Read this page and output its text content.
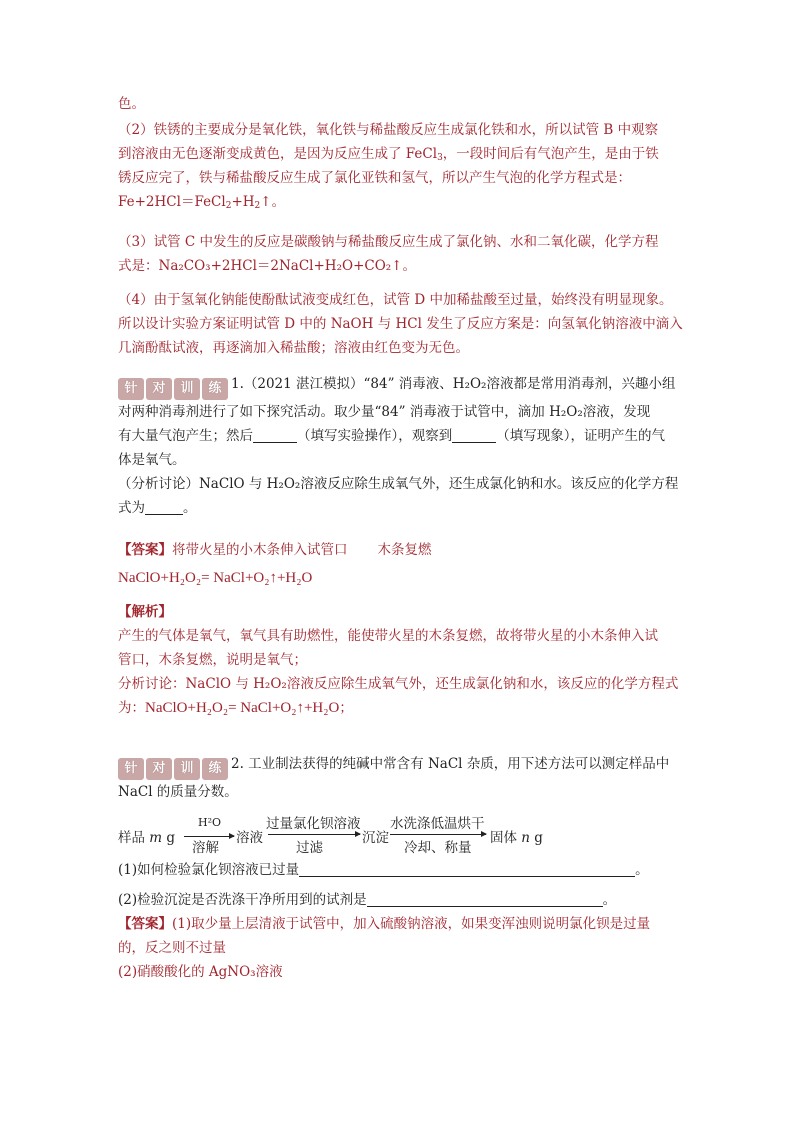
色。
（2）铁锈的主要成分是氧化铁，氧化铁与稀盐酸反应生成氯化铁和水，所以试管 B 中观察
到溶液由无色逐渐变成黄色，是因为反应生成了 FeCl$_3$，一段时间后有气泡产生，是由于铁
锈反应完了，铁与稀盐酸反应生成了氯化亚铁和氢气，所以产生气泡的化学方程式是：
$Fe+2HCl=FeCl_2+H_2↑$。
（3）试管 C 中发生的反应是碳酸钠与稀盐酸反应生成了氯化钠、水和二氧化碳，化学方程
式是：Na₂CO₃+2HCl＝2NaCl+H₂O+CO₂↑。
（4）由于氢氧化钠能使酚酞试液变成红色，试管 D 中加稀盐酸至过量，始终没有明显现象。
所以设计实验方案证明试管 D 中的 NaOH 与 HCl 发生了反应方案是：向氢氧化钠溶液中滴入
几滴酚酞试液，再逐滴加入稀盐酸；溶液由红色变为无色。
针	对	训	练 1.（2021 湛江模拟）“84” 消毒液、H₂O₂溶液都是常用消毒剂，兴趣小组
对两种消毒剂进行了如下探究活动。取少量“84” 消毒液于试管中，滴加 H₂O₂溶液，发现
有大量气泡产生；然后	（填写实验操作），观察到	（填写现象），证明产生的气
体是氧气。
（分析讨论）NaClO 与 H₂O₂溶液反应除生成氧气外，还生成氯化钠和水。该反应的化学方程
式为	。
【答案】将带火星的小木条伸入试管口 木条复燃
NaClO+H₂O₂= NaCl+O₂↑+H₂O
【解析】
产生的气体是氧气，氧气具有助燃性，能使带火星的木条复燃，故将带火星的小木条伸入试
管口，木条复燃，说明是氧气；
分析讨论：NaClO 与 H₂O₂溶液反应除生成氧气外，还生成氯化钠和水，该反应的化学方程式
为：NaClO+H₂O₂= NaCl+O₂↑+H₂O；
针	对	训	练 2. 工业制法获得的纯碱中常含有 NaCl 杂质，用下述方法可以测定样品中
NaCl 的质量分数。
样品 m g
H²O
溶解
溶液
过量氯化钡溶液
过滤
沉淀
水洗涤低温烘干
冷却、称量
固体 n g
(1)如何检验氯化钡溶液已过量	。
(2)检验沉淀是否洗涤干净所用到的试剂是	。
【答案】(1)取少量上层清液于试管中，加入硫酸钠溶液，如果变浑浊则说明氯化钡是过量
的，反之则不过量
(2)硝酸酸化的 AgNO₃溶液
